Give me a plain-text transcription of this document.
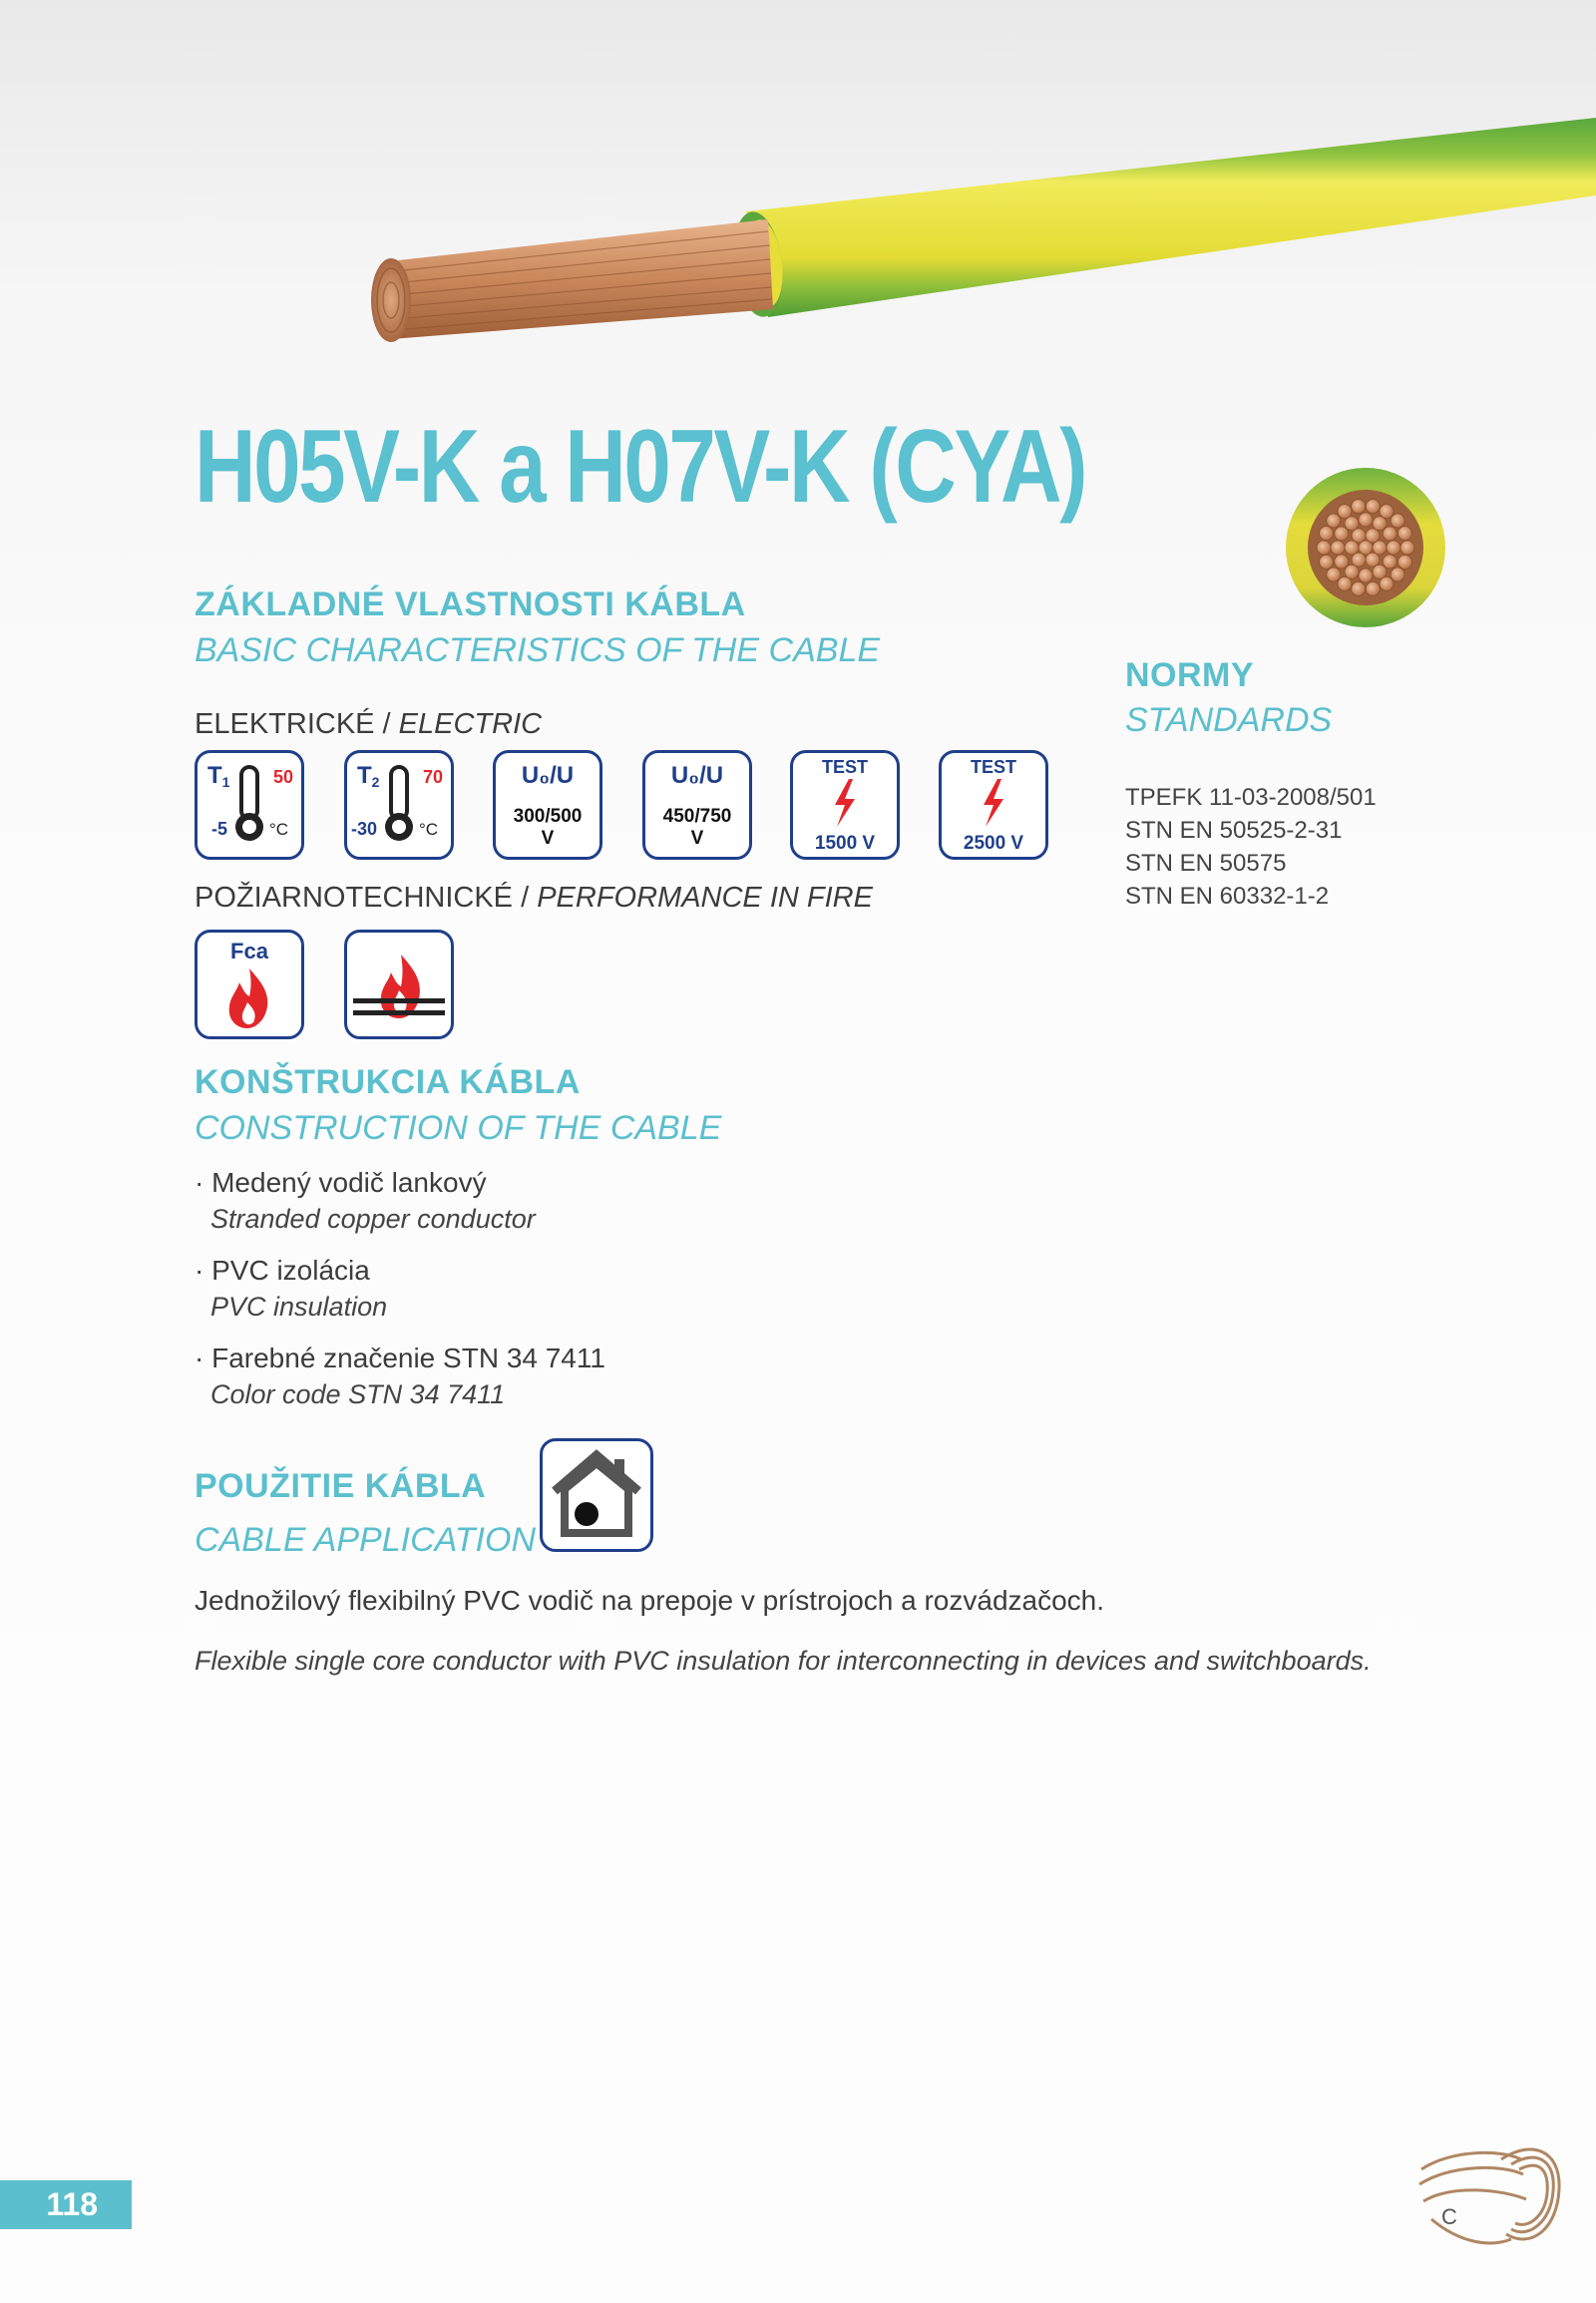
H05V-K a H07V-K (CYA)
ZÁKLADNÉ VLASTNOSTI KÁBLA
BASIC CHARACTERISTICS OF THE CABLE
ELEKTRICKÉ / ELECTRIC
T1 50
-5 °C
T2 70
-30 °C
U₀/U
300/500
V
U₀/U
450/750
V
TEST
1500 V
TEST
2500 V
POŽIARNOTECHNICKÉ / PERFORMANCE IN FIRE
Fca
NORMY
STANDARDS
TPEFK 11-03-2008/501
STN EN 50525-2-31
STN EN 50575
STN EN 60332-1-2
KONŠTRUKCIA KÁBLA
CONSTRUCTION OF THE CABLE
· Medený vodič lankový
Stranded copper conductor
· PVC izolácia
PVC insulation
· Farebné značenie STN 34 7411
Color code STN 34 7411
POUŽITIE KÁBLA
CABLE APPLICATION
Jednožilový flexibilný PVC vodič na prepoje v prístrojoch a rozvádzačoch.
Flexible single core conductor with PVC insulation for interconnecting in devices and switchboards.
118	C
